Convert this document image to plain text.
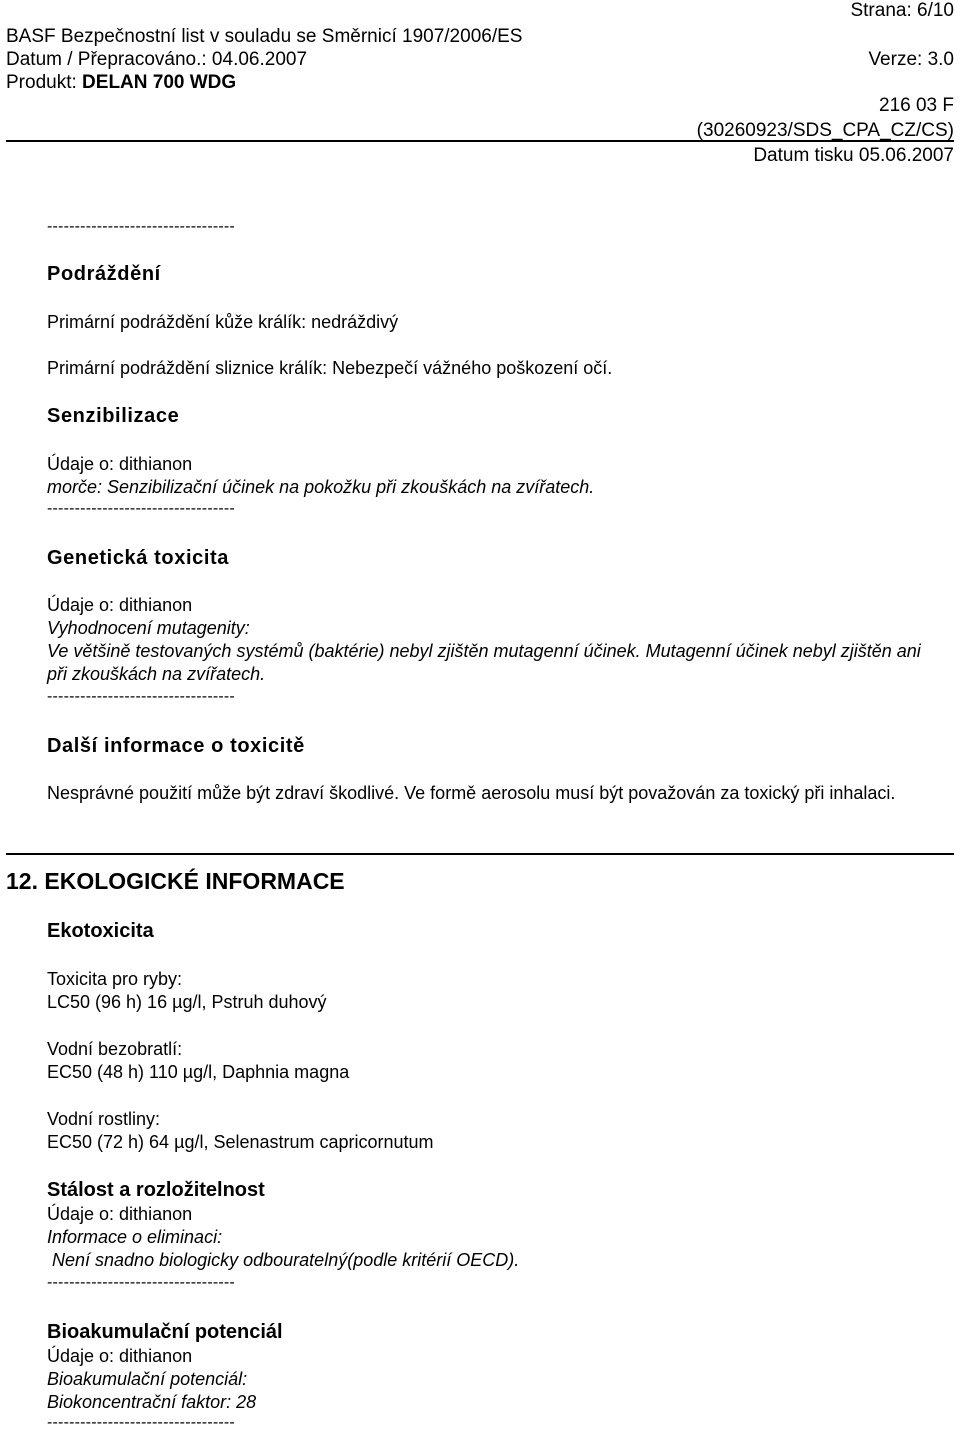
Strana: 6/10
BASF Bezpečnostní list v souladu se Směrnicí 1907/2006/ES
Datum / Přepracováno.: 04.06.2007	Verze: 3.0
Produkt: DELAN 700 WDG
216 03 F
(30260923/SDS_CPA_CZ/CS)
Datum tisku 05.06.2007
----------------------------------
Podráždění
Primární podráždění kůže králík: nedráždivý
Primární podráždění sliznice králík: Nebezpečí vážného poškození očí.
Senzibilizace
Údaje o: dithianon
morče: Senzibilizační účinek na pokožku při zkouškách na zvířatech.
----------------------------------
Genetická toxicita
Údaje o: dithianon
Vyhodnocení mutagenity:
Ve většině testovaných systémů (baktérie) nebyl zjištěn mutagenní účinek. Mutagenní účinek nebyl zjištěn ani při zkouškách na zvířatech.
----------------------------------
Další informace o toxicitě
Nesprávné použití může být zdraví škodlivé. Ve formě aerosolu musí být považován za toxický při inhalaci.
12. EKOLOGICKÉ INFORMACE
Ekotoxicita
Toxicita pro ryby:
LC50 (96 h) 16 µg/l, Pstruh duhový
Vodní bezobratlí:
EC50 (48 h) 110 µg/l, Daphnia magna
Vodní rostliny:
EC50 (72 h) 64 µg/l, Selenastrum capricornutum
Stálost a rozložitelnost
Údaje o: dithianon
Informace o eliminaci:
Není snadno biologicky odbouratelný(podle kritérií OECD).
----------------------------------
Bioakumulační potenciál
Údaje o: dithianon
Bioakumulační potenciál:
Biokoncentrační faktor: 28
----------------------------------
